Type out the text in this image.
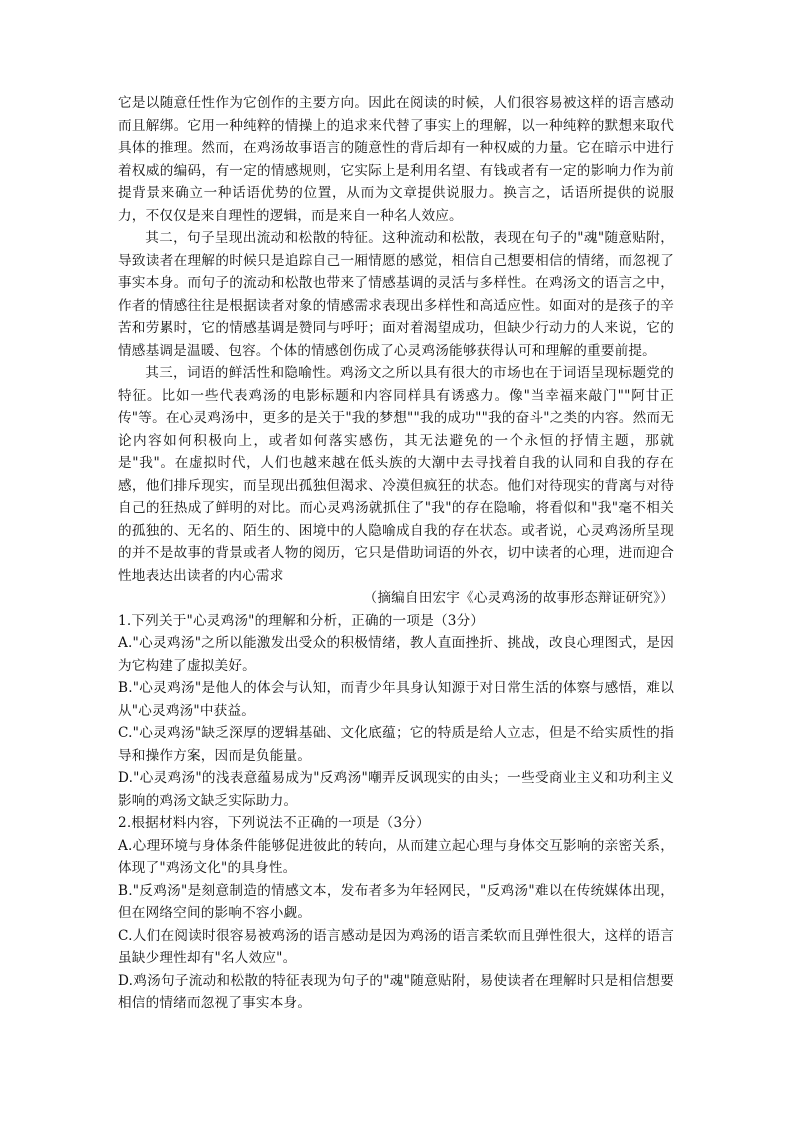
它是以随意任性作为它创作的主要方向。因此在阅读的时候，人们很容易被这样的语言感动而且解绑。它用一种纯粹的情操上的追求来代替了事实上的理解，以一种纯粹的默想来取代具体的推理。然而，在鸡汤故事语言的随意性的背后却有一种权威的力量。它在暗示中进行着权威的编码，有一定的情感规则，它实际上是利用名望、有钱或者有一定的影响力作为前提背景来确立一种话语优势的位置，从而为文章提供说服力。换言之，话语所提供的说服力，不仅仅是来自理性的逻辑，而是来自一种名人效应。

其二，句子呈现出流动和松散的特征。这种流动和松散，表现在句子的"魂"随意贴附，导致读者在理解的时候只是追踪自己一厢情愿的感觉，相信自己想要相信的情绪，而忽视了事实本身。而句子的流动和松散也带来了情感基调的灵活与多样性。在鸡汤文的语言之中，作者的情感往往是根据读者对象的情感需求表现出多样性和高适应性。如面对的是孩子的辛苦和劳累时，它的情感基调是赞同与呼吁；面对着渴望成功，但缺少行动力的人来说，它的情感基调是温暖、包容。个体的情感创伤成了心灵鸡汤能够获得认可和理解的重要前提。

其三，词语的鲜活性和隐喻性。鸡汤文之所以具有很大的市场也在于词语呈现标题党的特征。比如一些代表鸡汤的电影标题和内容同样具有诱惑力。像"当幸福来敲门""阿甘正传"等。在心灵鸡汤中，更多的是关于"我的梦想""我的成功""我的奋斗"之类的内容。然而无论内容如何积极向上，或者如何落实感伤，其无法避免的一个永恒的抒情主题，那就是"我"。在虚拟时代，人们也越来越在低头族的大潮中去寻找着自我的认同和自我的存在感，他们排斥现实，而呈现出孤独但渴求、冷漠但疯狂的状态。他们对待现实的背离与对待自己的狂热成了鲜明的对比。而心灵鸡汤就抓住了"我"的存在隐喻，将看似和"我"毫不相关的孤独的、无名的、陌生的、困境中的人隐喻成自我的存在状态。或者说，心灵鸡汤所呈现的并不是故事的背景或者人物的阅历，它只是借助词语的外衣，切中读者的心理，进而迎合性地表达出读者的内心需求

（摘编自田宏宇《心灵鸡汤的故事形态辩证研究》）

1.下列关于"心灵鸡汤"的理解和分析，正确的一项是（3分）

A."心灵鸡汤"之所以能激发出受众的积极情绪，教人直面挫折、挑战，改良心理图式，是因为它构建了虚拟美好。

B."心灵鸡汤"是他人的体会与认知，而青少年具身认知源于对日常生活的体察与感悟，难以从"心灵鸡汤"中获益。

C."心灵鸡汤"缺乏深厚的逻辑基础、文化底蕴；它的特质是给人立志，但是不给实质性的指导和操作方案，因而是负能量。

D."心灵鸡汤"的浅表意蕴易成为"反鸡汤"嘲弄反讽现实的由头；一些受商业主义和功利主义影响的鸡汤文缺乏实际助力。

2.根据材料内容，下列说法不正确的一项是（3分）

A.心理环境与身体条件能够促进彼此的转向，从而建立起心理与身体交互影响的亲密关系，体现了"鸡汤文化"的具身性。

B."反鸡汤"是刻意制造的情感文本，发布者多为年轻网民，"反鸡汤"难以在传统媒体出现，但在网络空间的影响不容小觑。

C.人们在阅读时很容易被鸡汤的语言感动是因为鸡汤的语言柔软而且弹性很大，这样的语言虽缺少理性却有"名人效应"。

D.鸡汤句子流动和松散的特征表现为句子的"魂"随意贴附，易使读者在理解时只是相信想要相信的情绪而忽视了事实本身。
